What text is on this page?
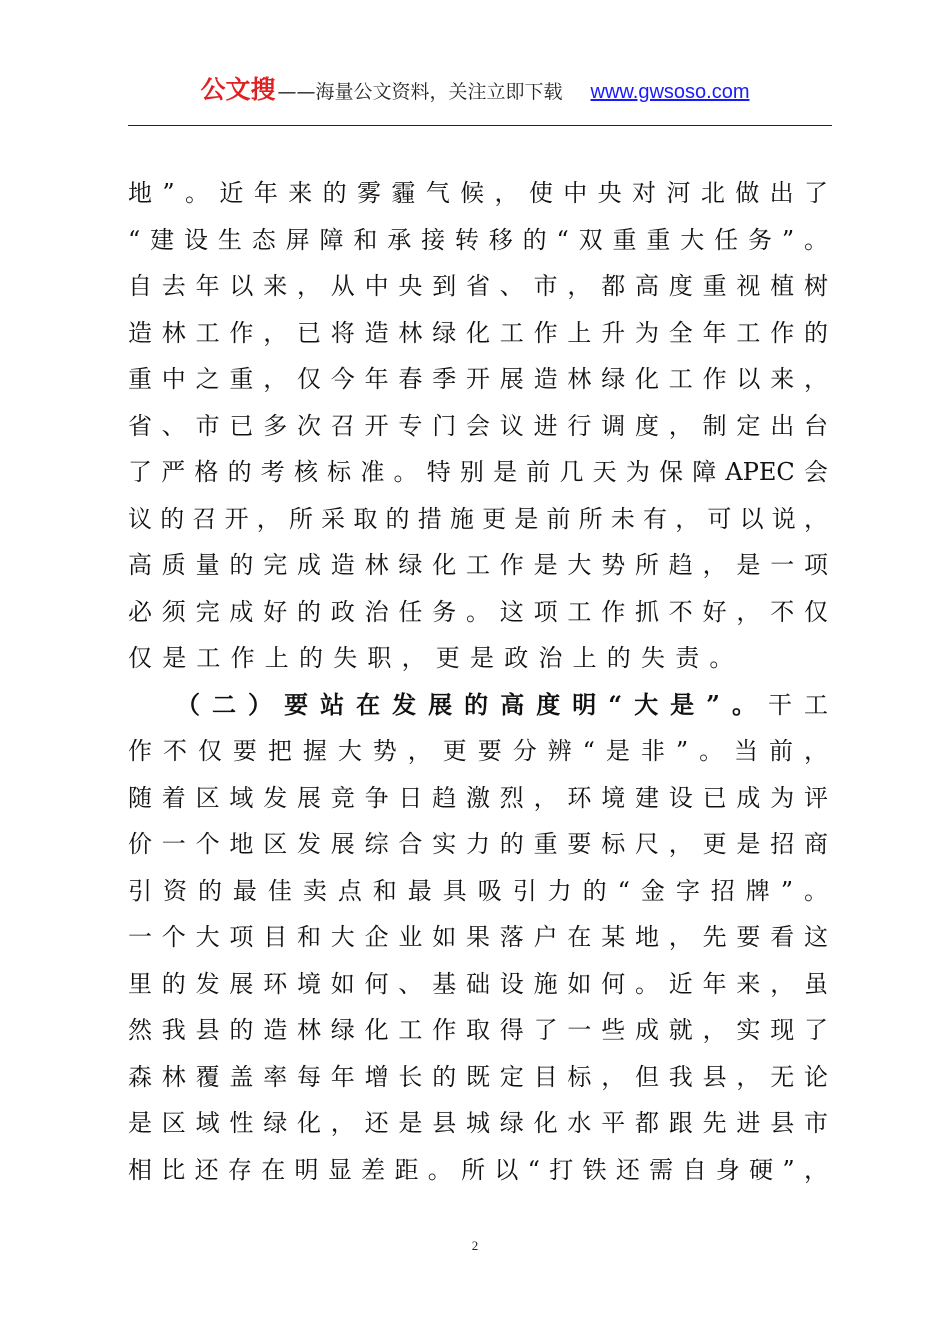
公文搜 ——海量公文资料，关注立即下载 www.gwsoso.com
地”。近年来的雾霾气候，使中央对河北做出了
“建设生态屏障和承接转移的“双重重大任务”。
自去年以来，从中央到省、市，都高度重视植树
造林工作，已将造林绿化工作上升为全年工作的
重中之重，仅今年春季开展造林绿化工作以来，
省、市已多次召开专门会议进行调度，制定出台
了严格的考核标准。特别是前几天为保障APEC会
议的召开，所采取的措施更是前所未有，可以说，
高质量的完成造林绿化工作是大势所趋，是一项
必须完成好的政治任务。这项工作抓不好，不仅
仅是工作上的失职，更是政治上的失责。
（二）要站在发展的高度明“大是”。干工
作不仅要把握大势，更要分辨“是非”。当前，
随着区域发展竞争日趋激烈，环境建设已成为评
价一个地区发展综合实力的重要标尺，更是招商
引资的最佳卖点和最具吸引力的“金字招牌”。
一个大项目和大企业如果落户在某地，先要看这
里的发展环境如何、基础设施如何。近年来，虽
然我县的造林绿化工作取得了一些成就，实现了
森林覆盖率每年增长的既定目标，但我县，无论
是区域性绿化，还是县城绿化水平都跟先进县市
相比还存在明显差距。所以“打铁还需自身硬”，
2
